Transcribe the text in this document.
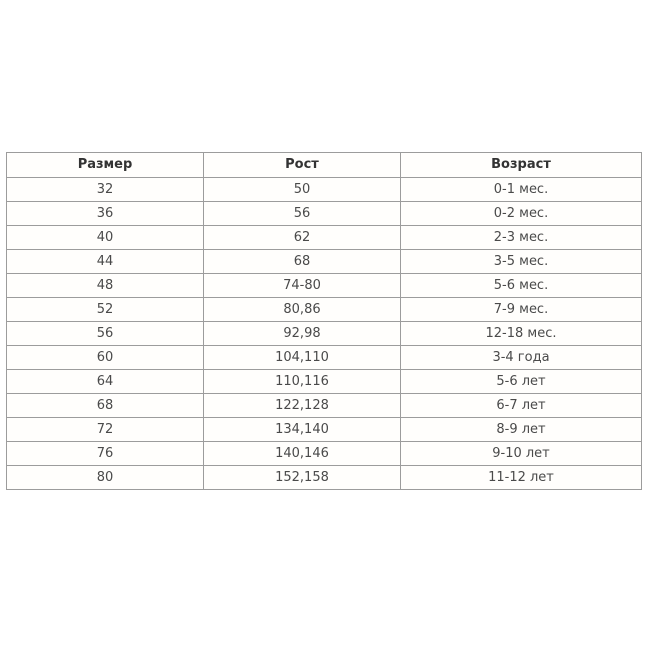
Размер	Рост	Возраст
32	50	0-1 мес.
36	56	0-2 мес.
40	62	2-3 мес.
44	68	3-5 мес.
48	74-80	5-6 мес.
52	80,86	7-9 мес.
56	92,98	12-18 мес.
60	104,110	3-4 года
64	110,116	5-6 лет
68	122,128	6-7 лет
72	134,140	8-9 лет
76	140,146	9-10 лет
80	152,158	11-12 лет
